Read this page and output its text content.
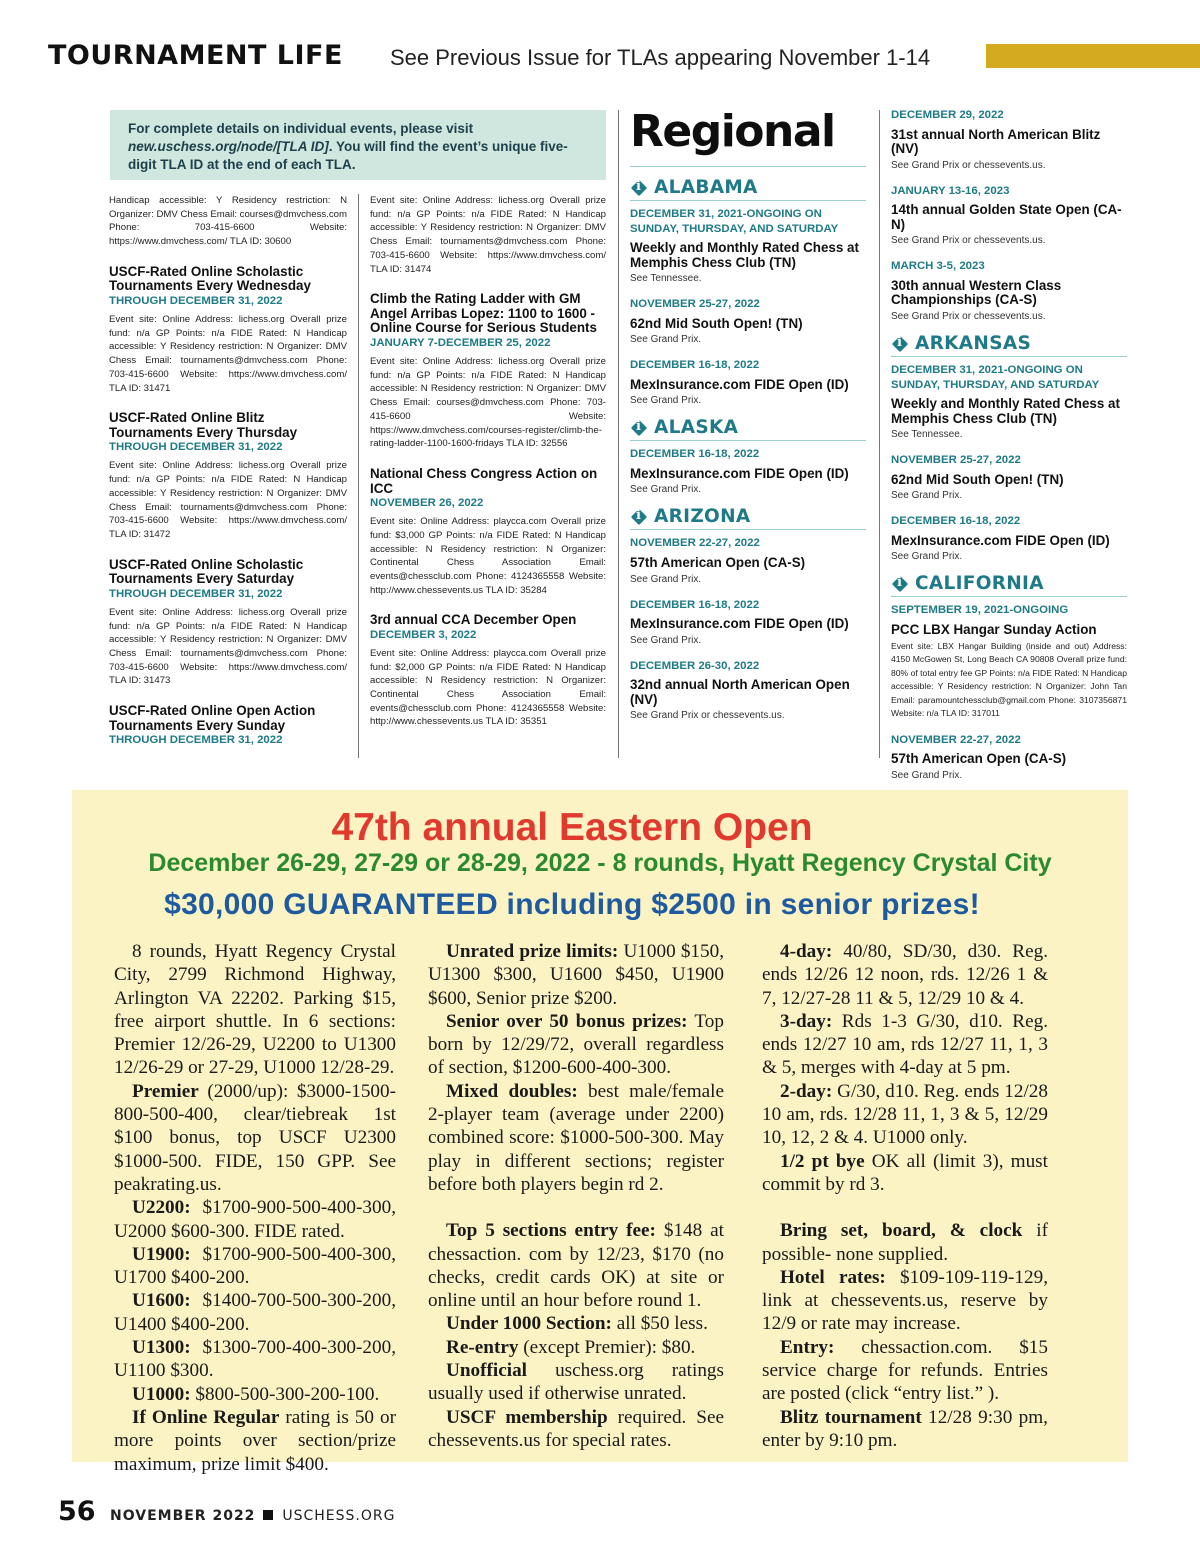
TOURNAMENT LIFE See Previous Issue for TLAs appearing November 1-14
For complete details on individual events, please visit new.uschess.org/node/[TLA ID]. You will find the event’s unique five-digit TLA ID at the end of each TLA.
Handicap accessible: Y Residency restriction: N Organizer: DMV Chess Email: courses@dmvchess.com Phone: 703-415-6600 Website: https://www.dmvchess.com/ TLA ID: 30600
USCF-Rated Online Scholastic Tournaments Every Wednesday
THROUGH DECEMBER 31, 2022
Event site: Online Address: lichess.org Overall prize fund: n/a GP Points: n/a FIDE Rated: N Handicap accessible: Y Residency restriction: N Organizer: DMV Chess Email: tournaments@dmvchess.com Phone: 703-415-6600 Website: https://www.dmvchess.com/ TLA ID: 31471
USCF-Rated Online Blitz Tournaments Every Thursday
THROUGH DECEMBER 31, 2022
Event site: Online Address: lichess.org Overall prize fund: n/a GP Points: n/a FIDE Rated: N Handicap accessible: Y Residency restriction: N Organizer: DMV Chess Email: tournaments@dmvchess.com Phone: 703-415-6600 Website: https://www.dmvchess.com/ TLA ID: 31472
USCF-Rated Online Scholastic Tournaments Every Saturday
THROUGH DECEMBER 31, 2022
Event site: Online Address: lichess.org Overall prize fund: n/a GP Points: n/a FIDE Rated: N Handicap accessible: Y Residency restriction: N Organizer: DMV Chess Email: tournaments@dmvchess.com Phone: 703-415-6600 Website: https://www.dmvchess.com/ TLA ID: 31473
USCF-Rated Online Open Action Tournaments Every Sunday
THROUGH DECEMBER 31, 2022
Event site: Online Address: lichess.org Overall prize fund: n/a GP Points: n/a FIDE Rated: N Handicap accessible: Y Residency restriction: N Organizer: DMV Chess Email: tournaments@dmvchess.com Phone: 703-415-6600 Website: https://www.dmvchess.com/ TLA ID: 31474
Climb the Rating Ladder with GM Angel Arribas Lopez: 1100 to 1600 - Online Course for Serious Students
JANUARY 7-DECEMBER 25, 2022
Event site: Online Address: lichess.org Overall prize fund: n/a GP Points: n/a FIDE Rated: N Handicap accessible: N Residency restriction: N Organizer: DMV Chess Email: courses@dmvchess.com Phone: 703-415-6600 Website: https://www.dmvchess.com/courses-register/climb-the-rating-ladder-1100-1600-fridays TLA ID: 32556
National Chess Congress Action on ICC
NOVEMBER 26, 2022
Event site: Online Address: playcca.com Overall prize fund: $3,000 GP Points: n/a FIDE Rated: N Handicap accessible: N Residency restriction: N Organizer: Continental Chess Association Email: events@chessclub.com Phone: 4124365558 Website: http://www.chessevents.us TLA ID: 35284
3rd annual CCA December Open
DECEMBER 3, 2022
Event site: Online Address: playcca.com Overall prize fund: $2,000 GP Points: n/a FIDE Rated: N Handicap accessible: N Residency restriction: N Organizer: Continental Chess Association Email: events@chessclub.com Phone: 4124365558 Website: http://www.chessevents.us TLA ID: 35351
Regional
i
ALABAMA
DECEMBER 31, 2021-ONGOING ON SUNDAY, THURSDAY, AND SATURDAY
Weekly and Monthly Rated Chess at Memphis Chess Club (TN)
See Tennessee.
NOVEMBER 25-27, 2022
62nd Mid South Open! (TN)
See Grand Prix.
DECEMBER 16-18, 2022
MexInsurance.com FIDE Open (ID)
See Grand Prix.
i
ALASKA
DECEMBER 16-18, 2022
MexInsurance.com FIDE Open (ID)
See Grand Prix.
i
ARIZONA
NOVEMBER 22-27, 2022
57th American Open (CA-S)
See Grand Prix.
DECEMBER 16-18, 2022
MexInsurance.com FIDE Open (ID)
See Grand Prix.
DECEMBER 26-30, 2022
32nd annual North American Open (NV)
See Grand Prix or chessevents.us.
DECEMBER 29, 2022
31st annual North American Blitz (NV)
See Grand Prix or chessevents.us.
JANUARY 13-16, 2023
14th annual Golden State Open (CA-N)
See Grand Prix or chessevents.us.
MARCH 3-5, 2023
30th annual Western Class Championships (CA-S)
See Grand Prix or chessevents.us.
i
ARKANSAS
DECEMBER 31, 2021-ONGOING ON SUNDAY, THURSDAY, AND SATURDAY
Weekly and Monthly Rated Chess at Memphis Chess Club (TN)
See Tennessee.
NOVEMBER 25-27, 2022
62nd Mid South Open! (TN)
See Grand Prix.
DECEMBER 16-18, 2022
MexInsurance.com FIDE Open (ID)
See Grand Prix.
i
CALIFORNIA
SEPTEMBER 19, 2021-ONGOING
PCC LBX Hangar Sunday Action
Event site: LBX Hangar Building (inside and out) Address: 4150 McGowen St, Long Beach CA 90808 Overall prize fund: 80% of total entry fee GP Points: n/a FIDE Rated: N Handicap accessible: Y Residency restriction: N Organizer: John Tan Email: paramountchessclub@gmail.com Phone: 3107356871 Website: n/a TLA ID: 317011
NOVEMBER 22-27, 2022
57th American Open (CA-S)
See Grand Prix.
47th annual Eastern Open
December 26-29, 27-29 or 28-29, 2022 - 8 rounds, Hyatt Regency Crystal City
$30,000 GUARANTEED including $2500 in senior prizes!

8 rounds, Hyatt Regency Crystal City, 2799 Richmond Highway, Arlington VA 22202. Parking $15, free airport shuttle. In 6 sections: Premier 12/26-29, U2200 to U1300 12/26-29 or 27-29, U1000 12/28-29.

Premier (2000/up): $3000-1500-800-500-400, clear/tiebreak 1st $100 bonus, top USCF U2300 $1000-500. FIDE, 150 GPP. See peakrating.us.

U2200: $1700-900-500-400-300, U2000 $600-300. FIDE rated.

U1900: $1700-900-500-400-300, U1700 $400-200.

U1600: $1400-700-500-300-200, U1400 $400-200.

U1300: $1300-700-400-300-200, U1100 $300.

U1000: $800-500-300-200-100.

If Online Regular rating is 50 or more points over section/prize maximum, prize limit $400.

Unrated prize limits: U1000 $150, U1300 $300, U1600 $450, U1900 $600, Senior prize $200.

Senior over 50 bonus prizes: Top born by 12/29/72, overall regardless of section, $1200-600-400-300.

Mixed doubles: best male/female 2-player team (average under 2200) combined score: $1000-500-300. May play in different sections; register before both players begin rd 2.

Top 5 sections entry fee: $148 at chessaction. com by 12/23, $170 (no checks, credit cards OK) at site or online until an hour before round 1.

Under 1000 Section: all $50 less.

Re-entry (except Premier): $80.

Unofficial uschess.org ratings usually used if otherwise unrated.

USCF membership required. See chessevents.us for special rates.

4-day: 40/80, SD/30, d30. Reg. ends 12/26 12 noon, rds. 12/26 1 & 7, 12/27-28 11 & 5, 12/29 10 & 4.

3-day: Rds 1-3 G/30, d10. Reg. ends 12/27 10 am, rds 12/27 11, 1, 3 & 5, merges with 4-day at 5 pm.

2-day: G/30, d10. Reg. ends 12/28 10 am, rds. 12/28 11, 1, 3 & 5, 12/29 10, 12, 2 & 4. U1000 only.

1/2 pt bye OK all (limit 3), must commit by rd 3.

Bring set, board, & clock if possible- none supplied.

Hotel rates: $109-109-119-129, link at chessevents.us, reserve by 12/9 or rate may increase.

Entry: chessaction.com. $15 service charge for refunds. Entries are posted (click “entry list.” ).

Blitz tournament 12/28 9:30 pm, enter by 9:10 pm.

56 NOVEMBER 2022 USCHESS.ORG
